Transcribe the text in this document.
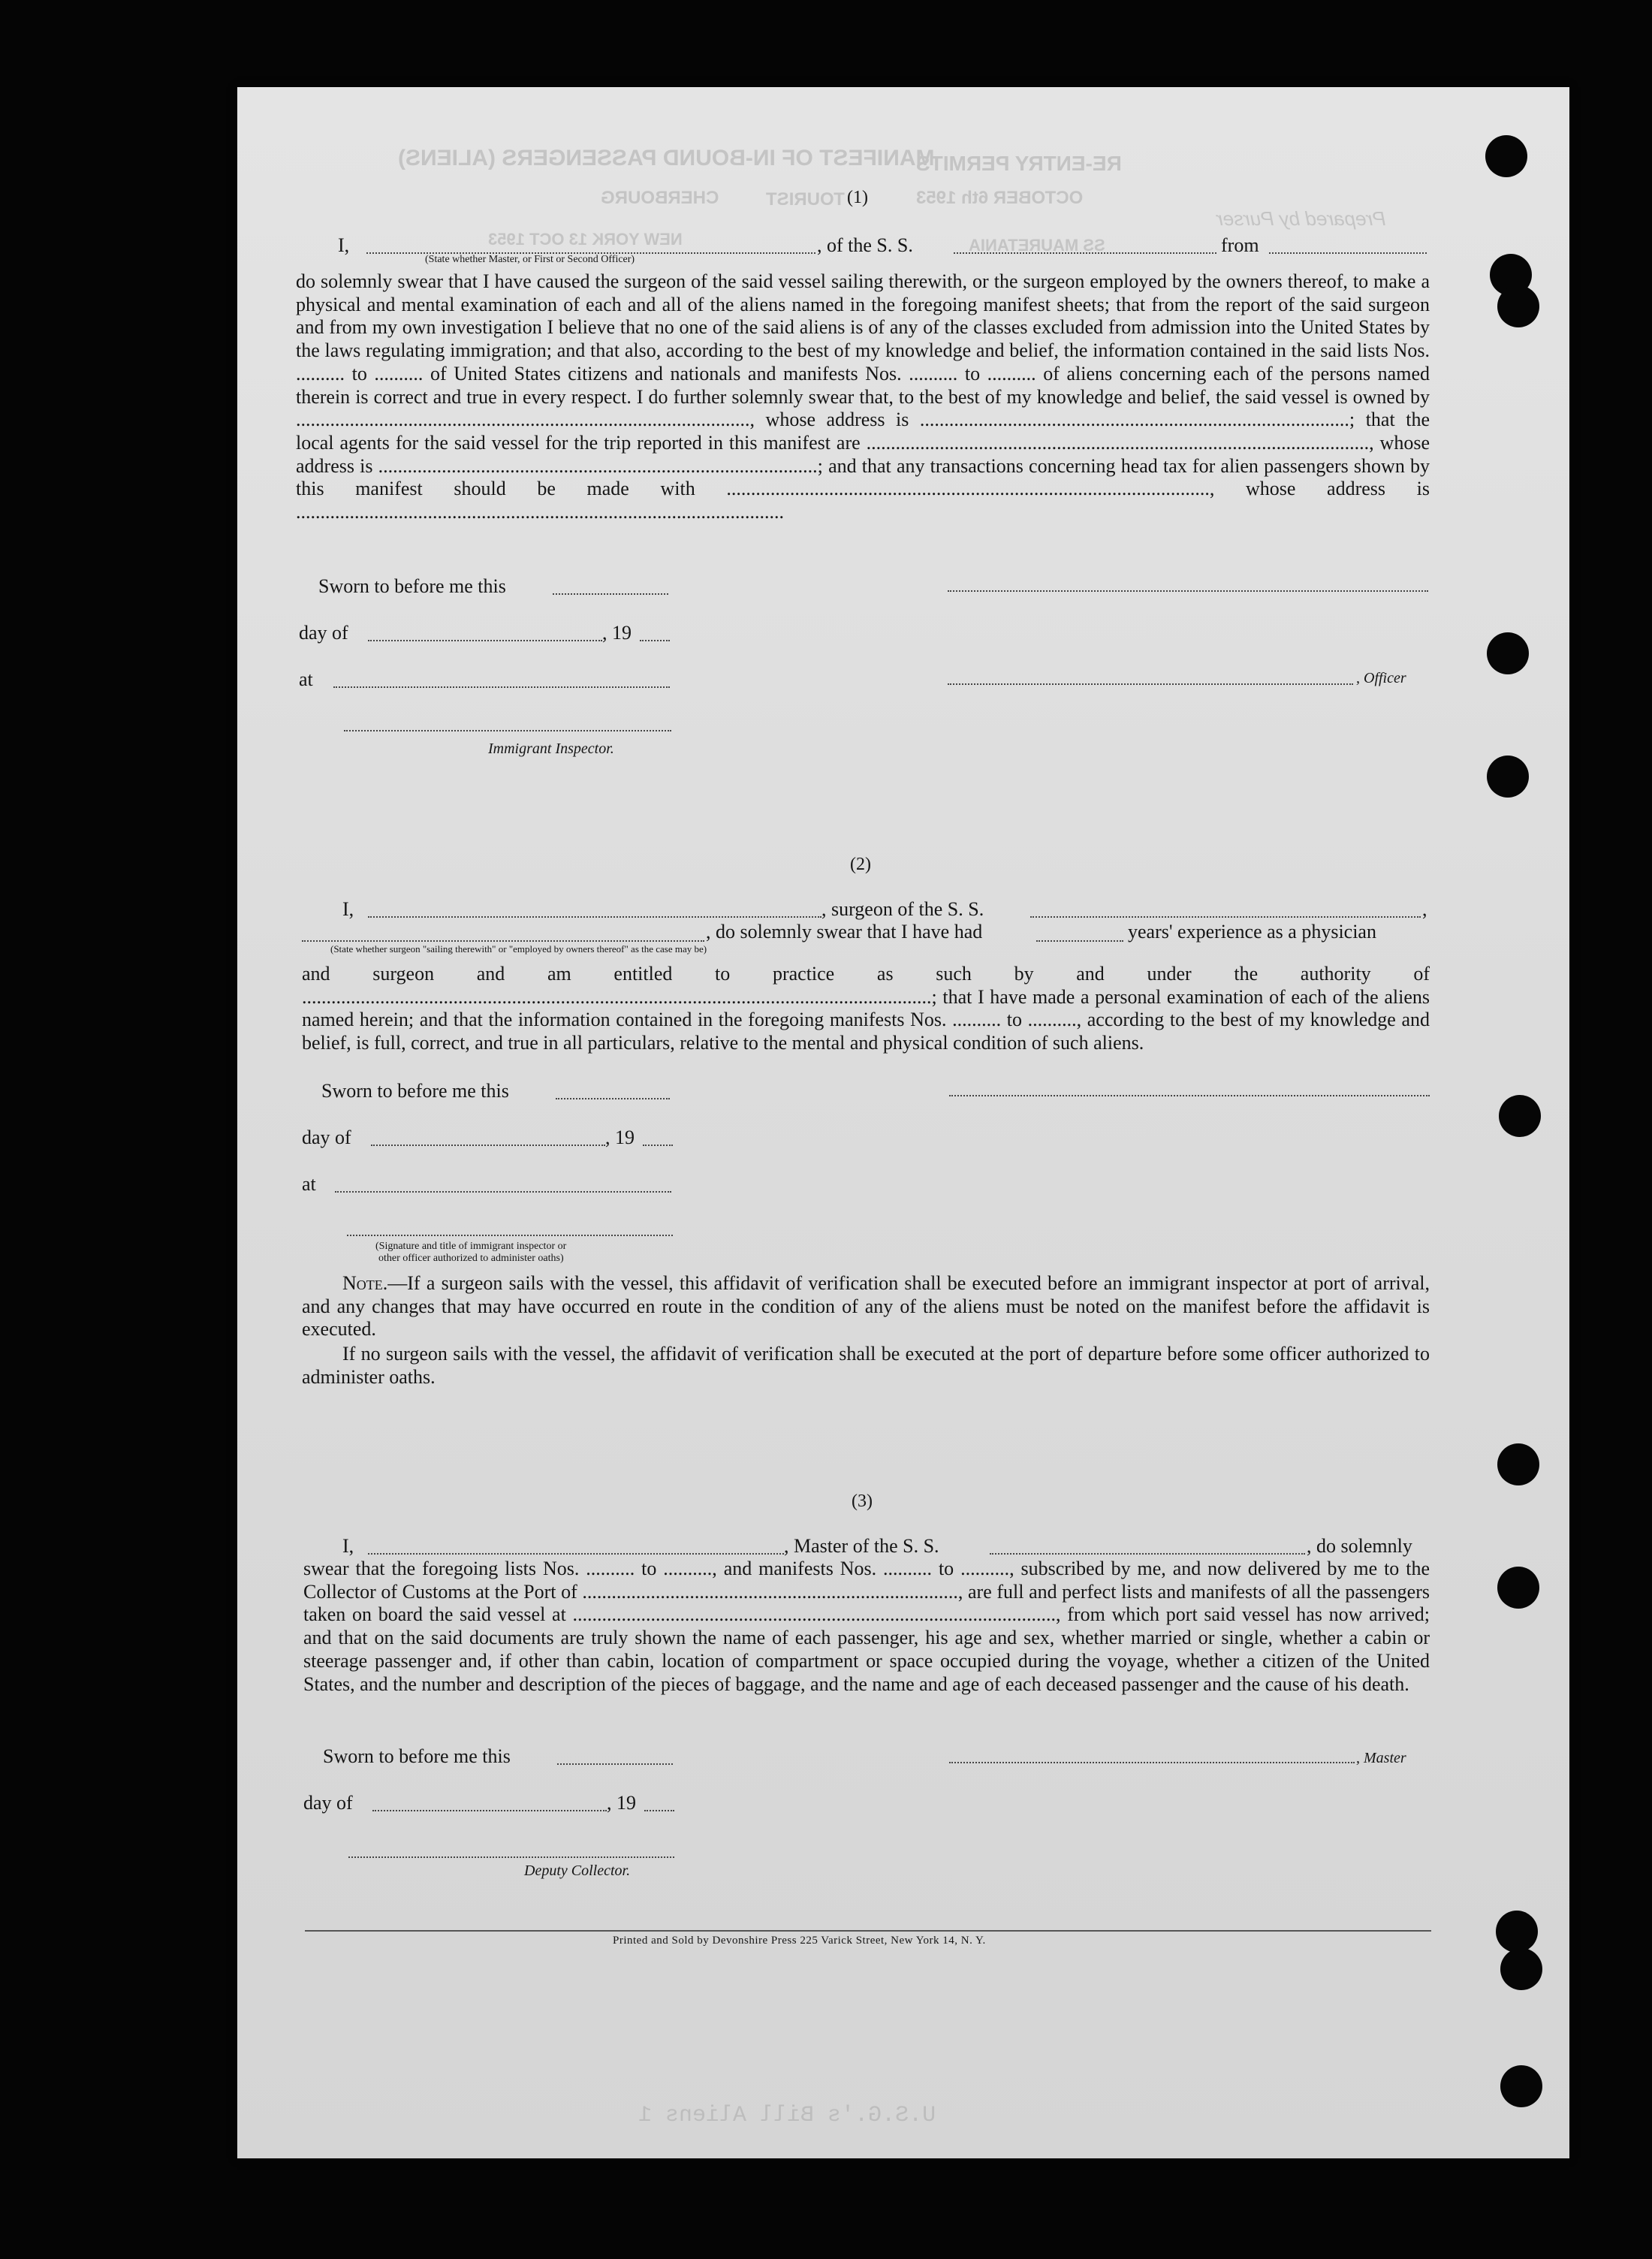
MANIFEST OF IN-BOUND PASSENGERS (ALIENS)
RE-ENTRY PERMITS
OCTOBER 6th 1953
CHERBOURG	TOURIST
SS MAURETANIA
NEW YORK 13 OCT 1953
Prepared by Purser
(1)
I,	, of the S. S.	from
(State whether Master, or First or Second Officer)
do solemnly swear that I have caused the surgeon of the said vessel sailing therewith, or the surgeon employed by the owners thereof, to make a physical and mental examination of each and all of the aliens named in the foregoing manifest sheets; that from the report of the said surgeon and from my own investigation I believe that no one of the said aliens is of any of the classes excluded from admission into the United States by the laws regulating immigration; and that also, according to the best of my knowledge and belief, the information contained in the said lists Nos. .......... to .......... of United States citizens and nationals and manifests Nos. .......... to .......... of aliens concerning each of the persons named therein is correct and true in every respect. I do further solemnly swear that, to the best of my knowledge and belief, the said vessel is owned by ............................................................................................., whose address is ........................................................................................; that the local agents for the said vessel for the trip reported in this manifest are ......................................................................................................., whose address is ..........................................................................................; and that any transactions concerning head tax for alien passengers shown by this manifest should be made with ..................................................................................................., whose address is ....................................................................................................
Sworn to before me this
day of	, 19
at	, Officer
Immigrant Inspector.
(2)
I,	, surgeon of the S. S.	,
, do solemnly swear that I have had	years' experience as a physician
(State whether surgeon "sailing therewith" or "employed by owners thereof" as the case may be)
and surgeon and am entitled to practice as such by and under the authority of .................................................................................................................................; that I have made a personal examination of each of the aliens named herein; and that the information contained in the foregoing manifests Nos. .......... to .........., according to the best of my knowledge and belief, is full, correct, and true in all particulars, relative to the mental and physical condition of such aliens.
Sworn to before me this
day of	, 19
at
(Signature and title of immigrant inspector or
other officer authorized to administer oaths)
Note.—If a surgeon sails with the vessel, this affidavit of verification shall be executed before an immigrant inspector at port of arrival, and any changes that may have occurred en route in the condition of any of the aliens must be noted on the manifest before the affidavit is executed.
If no surgeon sails with the vessel, the affidavit of verification shall be executed at the port of departure before some officer authorized to administer oaths.
(3)
I,	, Master of the S. S.	, do solemnly
swear that the foregoing lists Nos. .......... to .........., and manifests Nos. .......... to .........., subscribed by me, and now delivered by me to the Collector of Customs at the Port of ............................................................................., are full and perfect lists and manifests of all the passengers taken on board the said vessel at ..................................................................................................., from which port said vessel has now arrived; and that on the said documents are truly shown the name of each passenger, his age and sex, whether married or single, whether a cabin or steerage passenger and, if other than cabin, location of compartment or space occupied during the voyage, whether a citizen of the United States, and the number and description of the pieces of baggage, and the name and age of each deceased passenger and the cause of his death.
Sworn to before me this	, Master
day of	, 19
Deputy Collector.
Printed and Sold by Devonshire Press 225 Varick Street, New York 14, N. Y.
U.S.G.'s Bill Aliens 1
